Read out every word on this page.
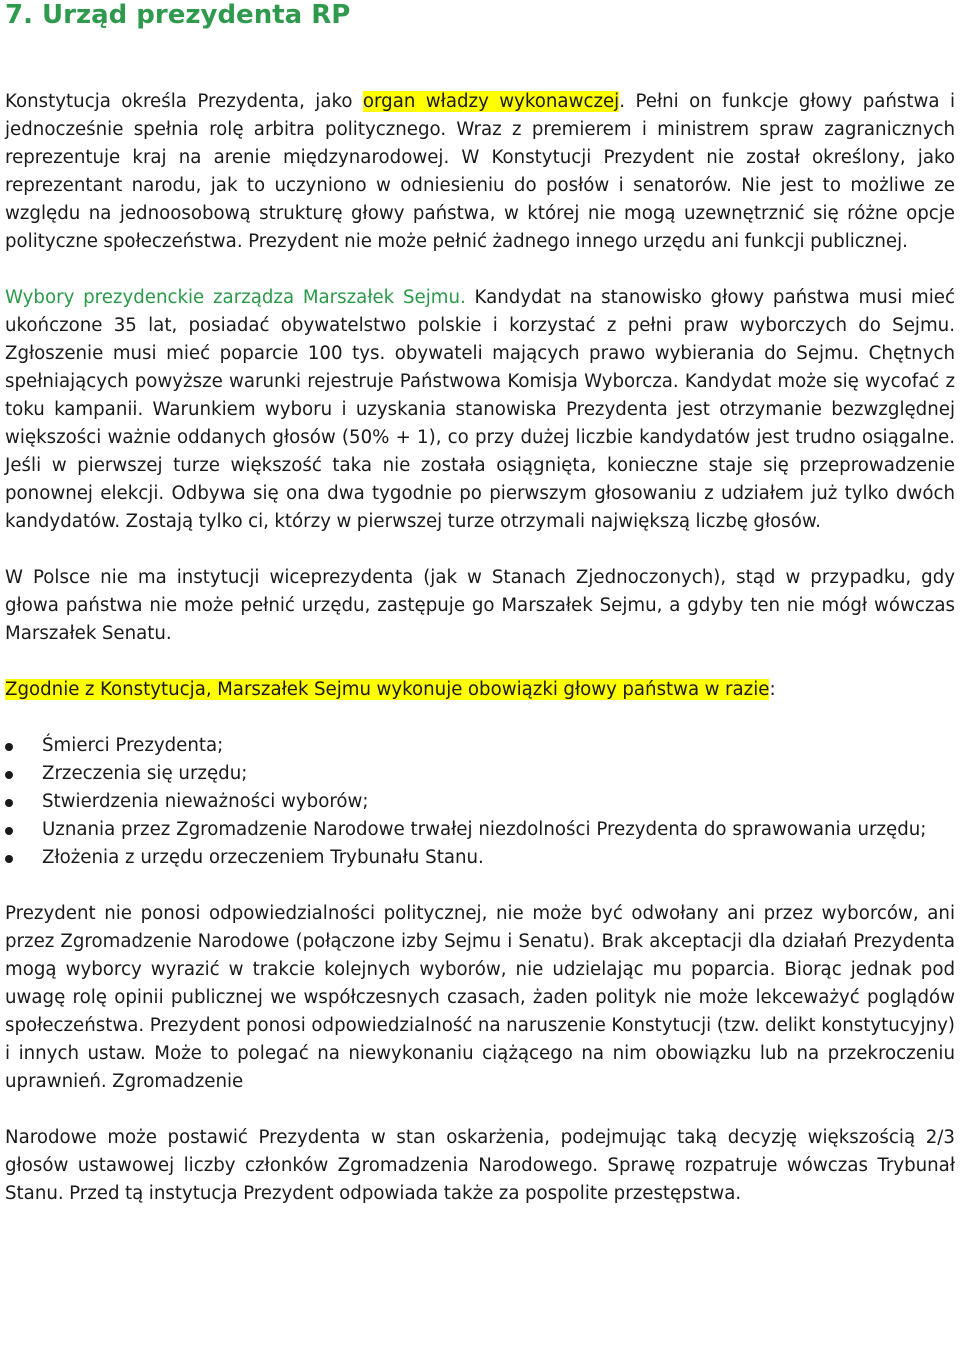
7. Urząd prezydenta RP

Konstytucja określa Prezydenta, jako organ władzy wykonawczej. Pełni on funkcje głowy państwa i jednocześnie spełnia rolę arbitra politycznego. Wraz z premierem i ministrem spraw zagranicznych reprezentuje kraj na arenie międzynarodowej. W Konstytucji Prezydent nie został określony, jako reprezentant narodu, jak to uczyniono w odniesieniu do posłów i senatorów. Nie jest to możliwe ze względu na jednoosobową strukturę głowy państwa, w której nie mogą uzewnętrznić się różne opcje polityczne społeczeństwa. Prezydent nie może pełnić żadnego innego urzędu ani funkcji publicznej.

Wybory prezydenckie zarządza Marszałek Sejmu. Kandydat na stanowisko głowy państwa musi mieć ukończone 35 lat, posiadać obywatelstwo polskie i korzystać z pełni praw wyborczych do Sejmu. Zgłoszenie musi mieć poparcie 100 tys. obywateli mających prawo wybierania do Sejmu. Chętnych spełniających powyższe warunki rejestruje Państwowa Komisja Wyborcza. Kandydat może się wycofać z toku kampanii. Warunkiem wyboru i uzyskania stanowiska Prezydenta jest otrzymanie bezwzględnej większości ważnie oddanych głosów (50% + 1), co przy dużej liczbie kandydatów jest trudno osiągalne. Jeśli w pierwszej turze większość taka nie została osiągnięta, konieczne staje się przeprowadzenie ponownej elekcji. Odbywa się ona dwa tygodnie po pierwszym głosowaniu z udziałem już tylko dwóch kandydatów. Zostają tylko ci, którzy w pierwszej turze otrzymali największą liczbę głosów.

W Polsce nie ma instytucji wiceprezydenta (jak w Stanach Zjednoczonych), stąd w przypadku, gdy głowa państwa nie może pełnić urzędu, zastępuje go Marszałek Sejmu, a gdyby ten nie mógł wówczas Marszałek Senatu.

Zgodnie z Konstytucja, Marszałek Sejmu wykonuje obowiązki głowy państwa w razie:

Śmierci Prezydenta;
Zrzeczenia się urzędu;
Stwierdzenia nieważności wyborów;
Uznania przez Zgromadzenie Narodowe trwałej niezdolności Prezydenta do sprawowania urzędu;
Złożenia z urzędu orzeczeniem Trybunału Stanu.

Prezydent nie ponosi odpowiedzialności politycznej, nie może być odwołany ani przez wyborców, ani przez Zgromadzenie Narodowe (połączone izby Sejmu i Senatu). Brak akceptacji dla działań Prezydenta mogą wyborcy wyrazić w trakcie kolejnych wyborów, nie udzielając mu poparcia. Biorąc jednak pod uwagę rolę opinii publicznej we współczesnych czasach, żaden polityk nie może lekceważyć poglądów społeczeństwa. Prezydent ponosi odpowiedzialność na naruszenie Konstytucji (tzw. delikt konstytucyjny) i innych ustaw. Może to polegać na niewykonaniu ciążącego na nim obowiązku lub na przekroczeniu uprawnień. Zgromadzenie

Narodowe może postawić Prezydenta w stan oskarżenia, podejmując taką decyzję większością 2/3 głosów ustawowej liczby członków Zgromadzenia Narodowego. Sprawę rozpatruje wówczas Trybunał Stanu. Przed tą instytucja Prezydent odpowiada także za pospolite przestępstwa.
